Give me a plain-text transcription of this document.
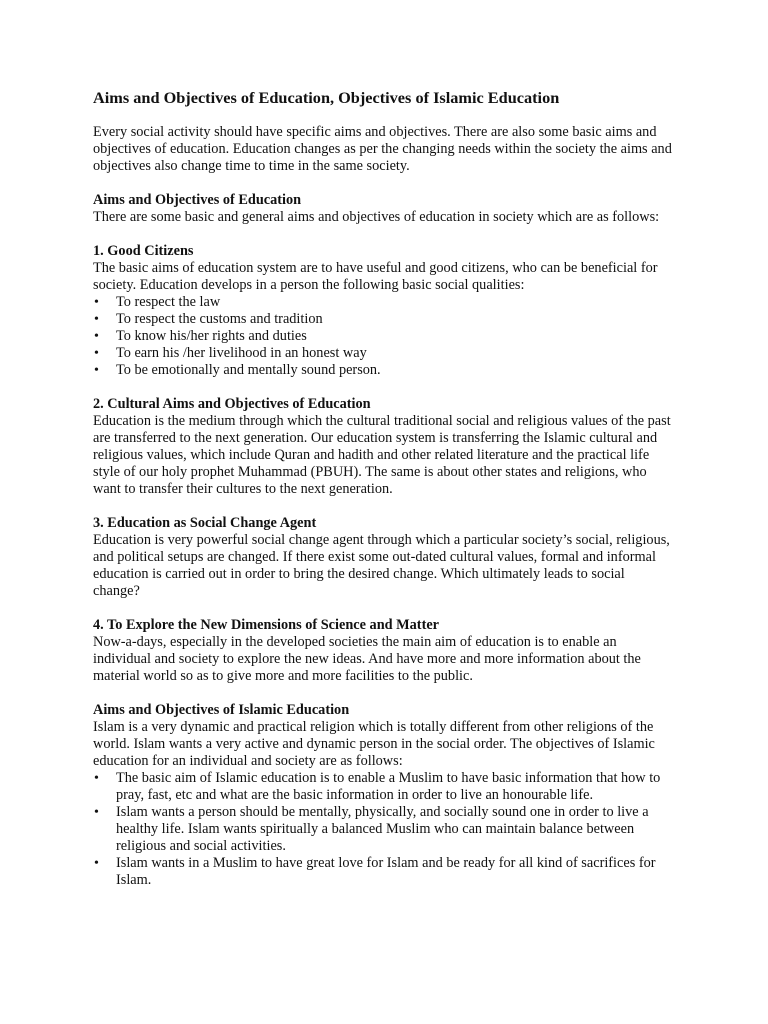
Aims and Objectives of Education, Objectives of Islamic Education

Every social activity should have specific aims and objectives. There are also some basic aims and objectives of education. Education changes as per the changing needs within the society the aims and objectives also change time to time in the same society.

Aims and Objectives of Education

There are some basic and general aims and objectives of education in society which are as follows:

1. Good Citizens

The basic aims of education system are to have useful and good citizens, who can be beneficial for society. Education develops in a person the following basic social qualities:

• To respect the law
• To respect the customs and tradition
• To know his/her rights and duties
• To earn his /her livelihood in an honest way
• To be emotionally and mentally sound person.

2. Cultural Aims and Objectives of Education

Education is the medium through which the cultural traditional social and religious values of the past are transferred to the next generation. Our education system is transferring the Islamic cultural and religious values, which include Quran and hadith and other related literature and the practical life style of our holy prophet Muhammad (PBUH). The same is about other states and religions, who want to transfer their cultures to the next generation.

3. Education as Social Change Agent

Education is very powerful social change agent through which a particular society’s social, religious, and political setups are changed. If there exist some out-dated cultural values, formal and informal education is carried out in order to bring the desired change. Which ultimately leads to social change?

4. To Explore the New Dimensions of Science and Matter

Now-a-days, especially in the developed societies the main aim of education is to enable an individual and society to explore the new ideas. And have more and more information about the material world so as to give more and more facilities to the public.

Aims and Objectives of Islamic Education

Islam is a very dynamic and practical religion which is totally different from other religions of the world. Islam wants a very active and dynamic person in the social order. The objectives of Islamic education for an individual and society are as follows:

• The basic aim of Islamic education is to enable a Muslim to have basic information that how to pray, fast, etc and what are the basic information in order to live an honourable life.
• Islam wants a person should be mentally, physically, and socially sound one in order to live a healthy life. Islam wants spiritually a balanced Muslim who can maintain balance between religious and social activities.
• Islam wants in a Muslim to have great love for Islam and be ready for all kind of sacrifices for Islam.
